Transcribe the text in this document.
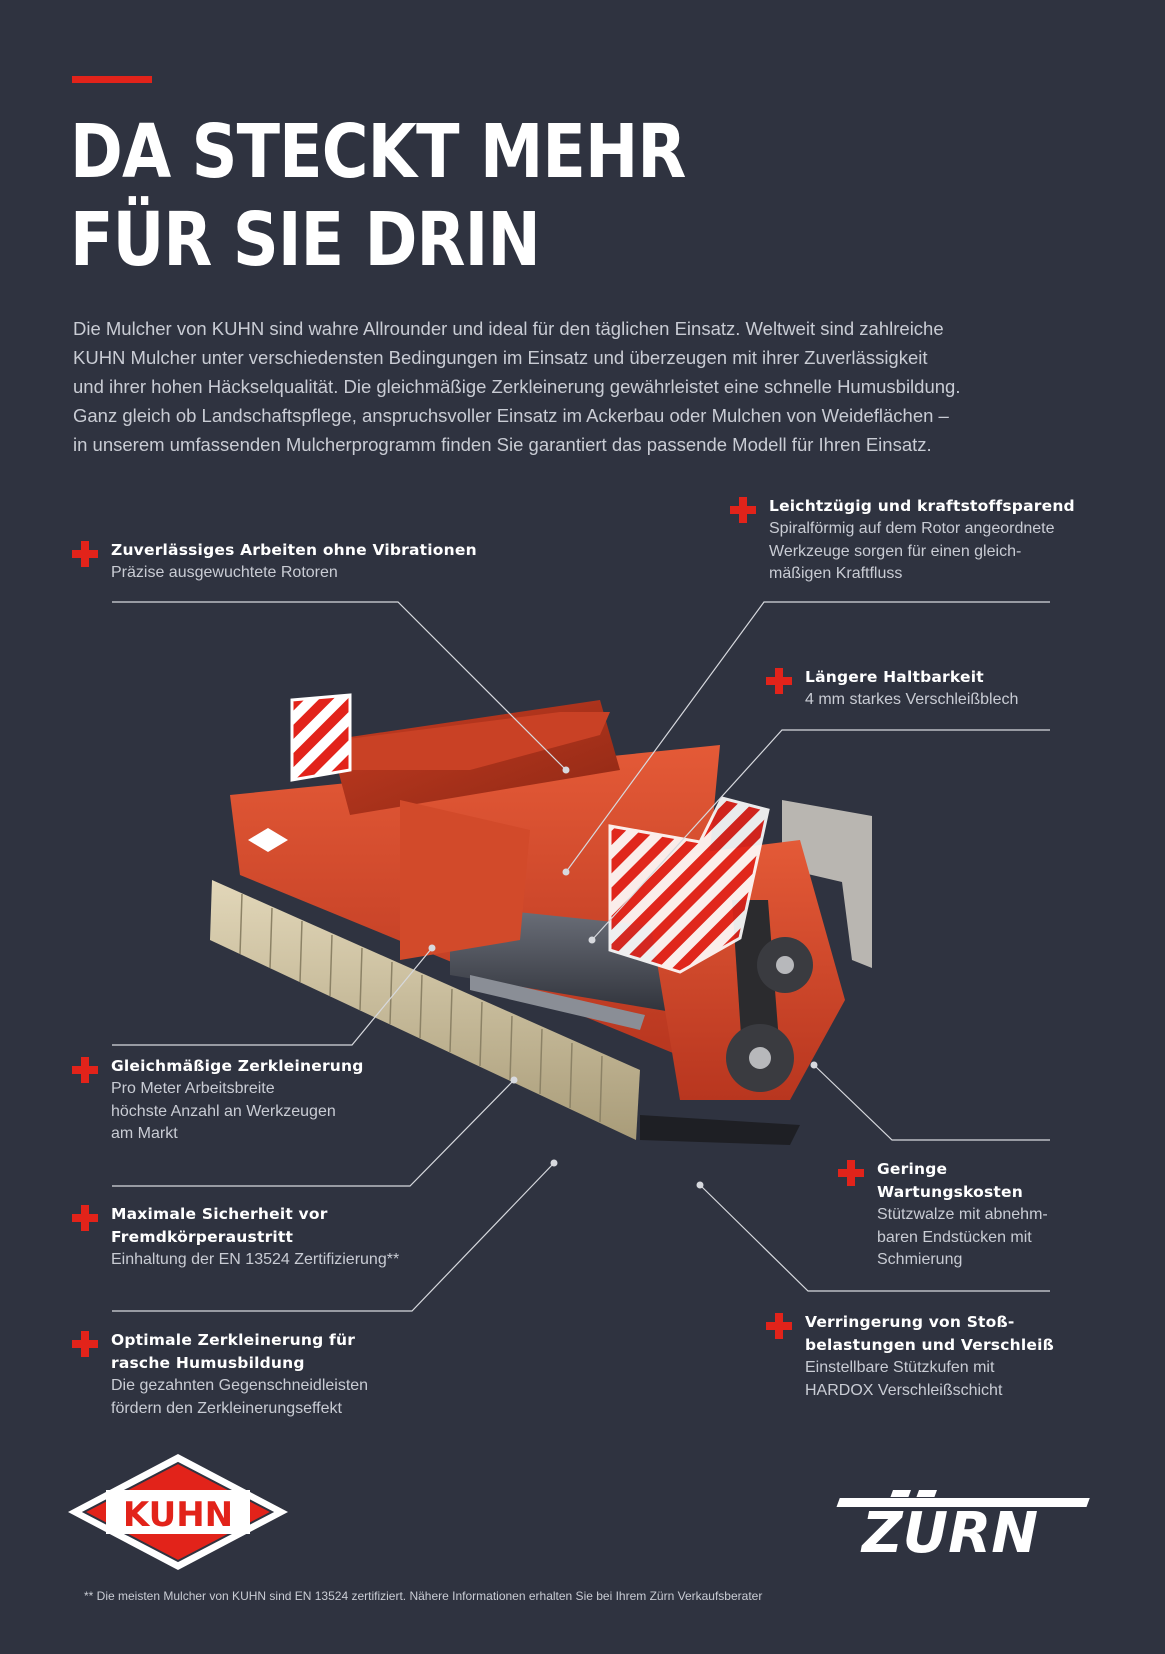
DA STECKT MEHR
FÜR SIE DRIN
Die Mulcher von KUHN sind wahre Allrounder und ideal für den täglichen Einsatz. Weltweit sind zahlreiche
KUHN Mulcher unter verschiedensten Bedingungen im Einsatz und überzeugen mit ihrer Zuverlässigkeit
und ihrer hohen Häckselqualität. Die gleichmäßige Zerkleinerung gewährleistet eine schnelle Humusbildung.
Ganz gleich ob Landschaftspflege, anspruchsvoller Einsatz im Ackerbau oder Mulchen von Weideflächen –
in unserem umfassenden Mulcherprogramm finden Sie garantiert das passende Modell für Ihren Einsatz.
KUHN	ZÜRN
Zuverlässiges Arbeiten ohne Vibrationen
Präzise ausgewuchtete Rotoren
Leichtzügig und kraftstoffsparend
Spiralförmig auf dem Rotor angeordnete
Werkzeuge sorgen für einen gleich-
mäßigen Kraftfluss
Längere Haltbarkeit
4 mm starkes Verschleißblech
Gleichmäßige Zerkleinerung
Pro Meter Arbeitsbreite
höchste Anzahl an Werkzeugen
am Markt
Maximale Sicherheit vor
Fremdkörperaustritt
Einhaltung der EN 13524 Zertifizierung**
Optimale Zerkleinerung für
rasche Humusbildung
Die gezahnten Gegenschneidleisten
fördern den Zerkleinerungseffekt
Geringe
Wartungskosten
Stützwalze mit abnehm-
baren Endstücken mit
Schmierung
Verringerung von Stoß-
belastungen und Verschleiß
Einstellbare Stützkufen mit
HARDOX Verschleißschicht
** Die meisten Mulcher von KUHN sind EN 13524 zertifiziert. Nähere Informationen erhalten Sie bei Ihrem Zürn Verkaufsberater
